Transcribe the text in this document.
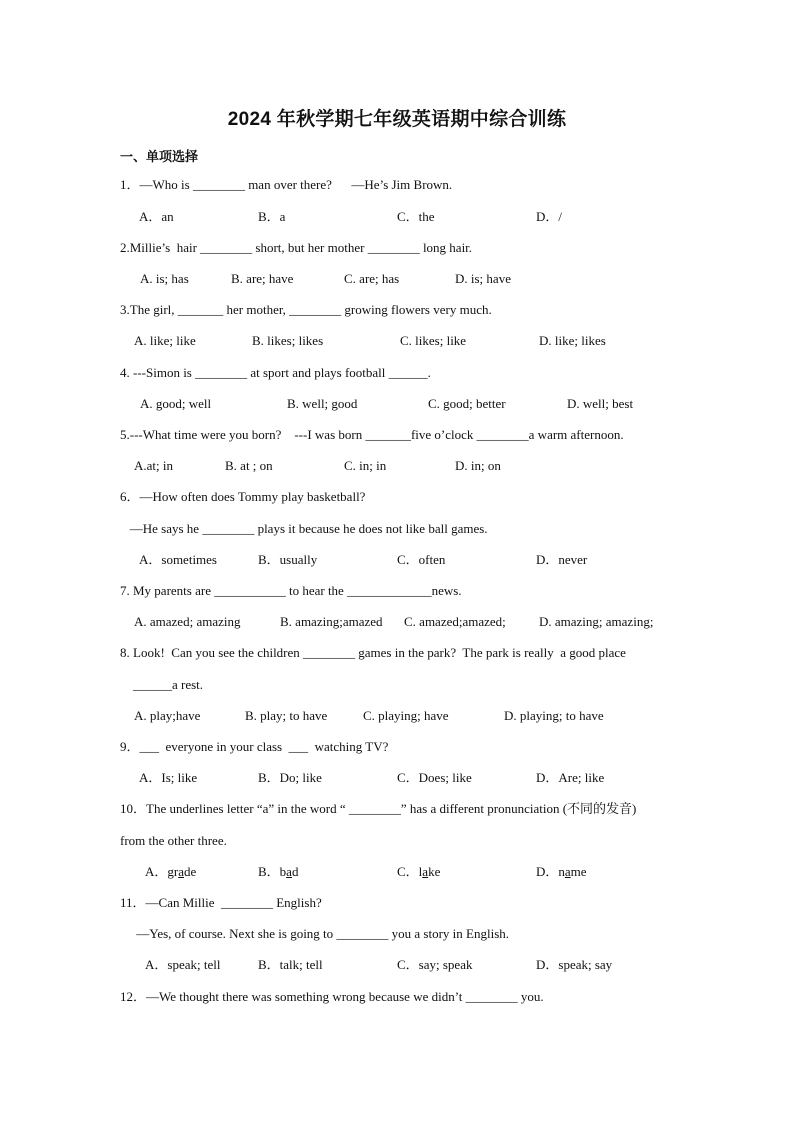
2024 年秋学期七年级英语期中综合训练
一、单项选择
1．—Who is ________ man over there?      —He’s Jim Brown.
A．an	B．a	C．the	D．/
2.Millie’s  hair ________ short, but her mother ________ long hair.
A. is; has	B. are; have	C. are; has	D. is; have
3.The girl, _______ her mother, ________ growing flowers very much.
A. like; like	B. likes; likes	C. likes; like	D. like; likes
4. ---Simon is ________ at sport and plays football ______.
A. good; well	B. well; good	C. good; better	D. well; best
5.---What time were you born?    ---I was born _______five o’clock ________a warm afternoon.
A.at; in	B. at ; on	C. in; in	D. in; on
6．—How often does Tommy play basketball?
—He says he ________ plays it because he does not like ball games.
A．sometimes	B．usually	C．often	D．never
7. My parents are ___________ to hear the _____________news.
A. amazed; amazing	B. amazing;amazed C. amazed;amazed;	D. amazing; amazing;
8. Look!  Can you see the children ________ games in the park?  The park is really  a good place
______a rest.
A. play;have	B. play; to have	C. playing; have	D. playing; to have
9．___  everyone in your class  ___  watching TV?
A．Is; like	B．Do; like	C．Does; like	D．Are; like
10．The underlines letter “a” in the word “ ________” has a different pronunciation (不同的发音)
from the other three.
A．grade	B．bad	C．lake	D．name
11．—Can Millie  ________ English?
—Yes, of course. Next she is going to ________ you a story in English.
A．speak; tell	B．talk; tell	C．say; speak	D．speak; say
12．—We thought there was something wrong because we didn’t ________ you.
